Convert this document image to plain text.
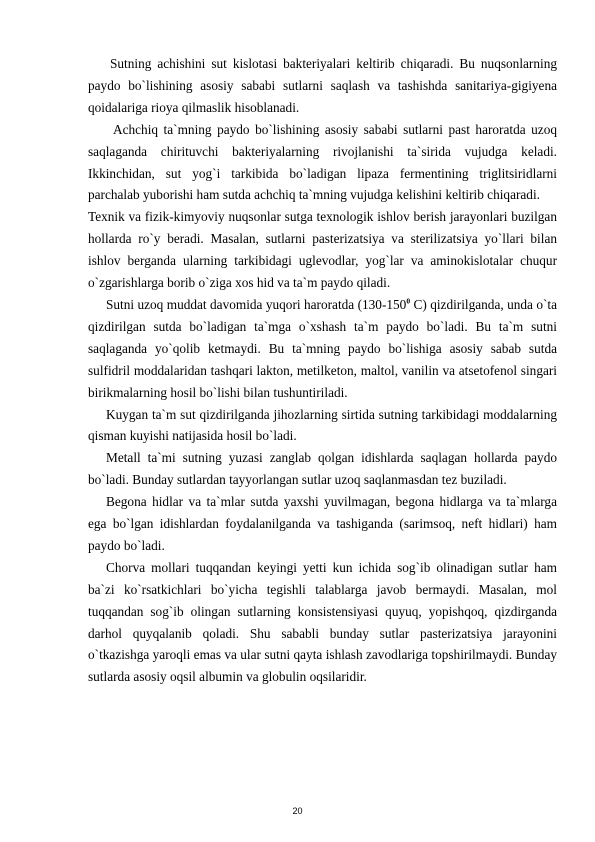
Sutning achishini sut kislotasi bakteriyalari keltirib chiqaradi. Bu nuqsonlarning paydo bo`lishining asosiy sababi sutlarni saqlash va tashishda sanitariya-gigiyena qoidalariga rioya qilmaslik hisoblanadi.

Achchiq ta`mning paydo bo`lishining asosiy sababi sutlarni past haroratda uzoq saqlaganda chirituvchi bakteriyalarning rivojlanishi ta`sirida vujudga keladi. Ikkinchidan, sut yog`i tarkibida bo`ladigan lipaza fermentining triglitsiridlarni parchalab yuborishi ham sutda achchiq ta`mning vujudga kelishini keltirib chiqaradi.

Texnik va fizik-kimyoviy nuqsonlar sutga texnologik ishlov berish jarayonlari buzilgan hollarda ro`y beradi. Masalan, sutlarni pasterizatsiya va sterilizatsiya yo`llari bilan ishlov berganda ularning tarkibidagi uglevodlar, yog`lar va aminokislotalar chuqur o`zgarishlarga borib o`ziga xos hid va ta`m paydo qiladi.

Sutni uzoq muddat davomida yuqori haroratda ($130-150^0$ C) qizdirilganda, unda o`ta qizdirilgan sutda bo`ladigan ta`mga o`xshash ta`m paydo bo`ladi. Bu ta`m sutni saqlaganda yo`qolib ketmaydi. Bu ta`mning paydo bo`lishiga asosiy sabab sutda sulfidril moddalaridan tashqari lakton, metilketon, maltol, vanilin va atsetofenol singari birikmalarning hosil bo`lishi bilan tushuntiriladi.

Kuygan ta`m sut qizdirilganda jihozlarning sirtida sutning tarkibidagi moddalarning qisman kuyishi natijasida hosil bo`ladi.

Metall ta`mi sutning yuzasi zanglab qolgan idishlarda saqlagan hollarda paydo bo`ladi. Bunday sutlardan tayyorlangan sutlar uzoq saqlanmasdan tez buziladi.

Begona hidlar va ta`mlar sutda yaxshi yuvilmagan, begona hidlarga va ta`mlarga ega bo`lgan idishlardan foydalanilganda va tashiganda (sarimsoq, neft hidlari) ham paydo bo`ladi.

Chorva mollari tuqqandan keyingi yetti kun ichida sog`ib olinadigan sutlar ham ba`zi ko`rsatkichlari bo`yicha tegishli talablarga javob bermaydi. Masalan, mol tuqqandan sog`ib olingan sutlarning konsistensiyasi quyuq, yopishqoq, qizdirganda darhol quyqalanib qoladi. Shu sababli bunday sutlar pasterizatsiya jarayonini o`tkazishga yaroqli emas va ular sutni qayta ishlash zavodlariga topshirilmaydi. Bunday sutlarda asosiy oqsil albumin va globulin oqsilaridir.

20
